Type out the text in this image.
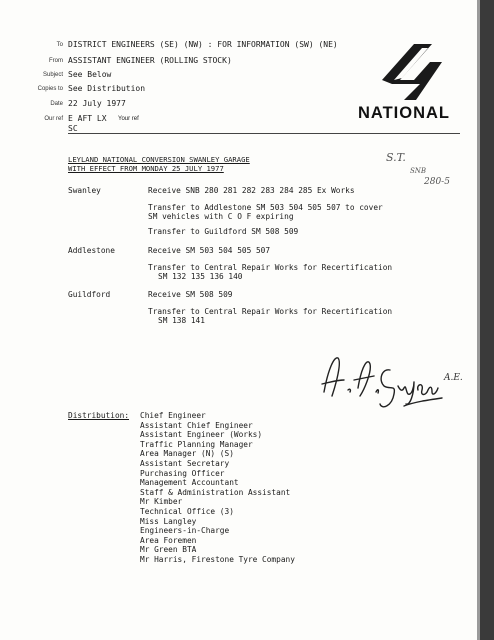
To DISTRICT ENGINEERS (SE) (NW) : FOR INFORMATION (SW) (NE)
From ASSISTANT ENGINEER (ROLLING STOCK)
Subject See Below
Copies to See Distribution
Date 22 July 1977
Our ref E AFT LX Your ref
SC
NATIONAL
LEYLAND NATIONAL CONVERSION SWANLEY GARAGE
WITH EFFECT FROM MONDAY 25 JULY 1977
S.T.
SNB
280-5
Swanley	Receive SNB 280 281 282 283 284 285 Ex Works
Transfer to Addlestone SM 503 504 505 507 to cover
SM vehicles with C O F expiring
Transfer to Guildford SM 508 509
Addlestone	Receive SM 503 504 505 507
Transfer to Central Repair Works for Recertification
SM 132 135 136 140
Guildford	Receive SM 508 509
Transfer to Central Repair Works for Recertification
SM 138 141
A.E.
Distribution: Chief Engineer
Assistant Chief Engineer
Assistant Engineer (Works)
Traffic Planning Manager
Area Manager (N) (S)
Assistant Secretary
Purchasing Officer
Management Accountant
Staff & Administration Assistant
Mr Kimber
Technical Office (3)
Miss Langley
Engineers-in-Charge
Area Foremen
Mr Green BTA
Mr Harris, Firestone Tyre Company
